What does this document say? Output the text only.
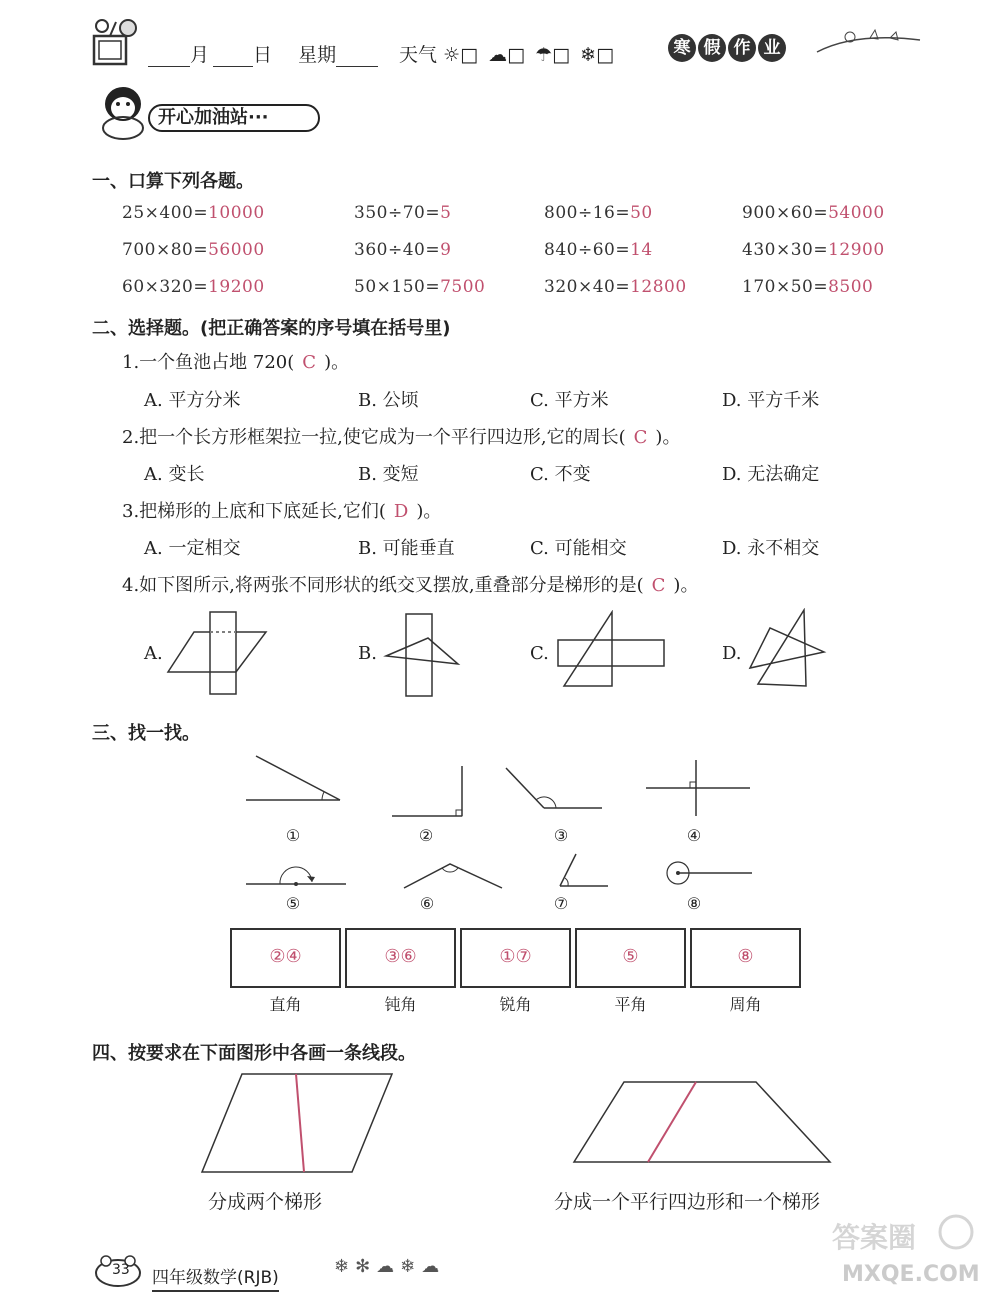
月 日 星期	天气 ☼□ ☁□ ☂□ ❄□	寒 假 作 业
开心加油站···
一、口算下列各题。
25×400=10000	350÷70=5	800÷16=50	900×60=54000
700×80=56000	360÷40=9	840÷60=14	430×30=12900
60×320=19200	50×150=7500	320×40=12800	170×50=8500
二、选择题。(把正确答案的序号填在括号里)
1.一个鱼池占地 720( C )。
A. 平方分米	B. 公顷	C. 平方米	D. 平方千米
2.把一个长方形框架拉一拉,使它成为一个平行四边形,它的周长( C )。
A. 变长	B. 变短	C. 不变	D. 无法确定
3.把梯形的上底和下底延长,它们( D )。
A. 一定相交	B. 可能垂直	C. 可能相交	D. 永不相交
4.如下图所示,将两张不同形状的纸交叉摆放,重叠部分是梯形的是( C )。
A.	B.	C.	D.
三、找一找。
①	②	③	④
⑤	⑥	⑦	⑧
②④	③⑥	①⑦	⑤	⑧
直角	钝角	锐角	平角	周角
四、按要求在下面图形中各画一条线段。
分成两个梯形	分成一个平行四边形和一个梯形
33 四年级数学(RJB)
❄✻☁❄☁
答案圈
MXQE.COM
